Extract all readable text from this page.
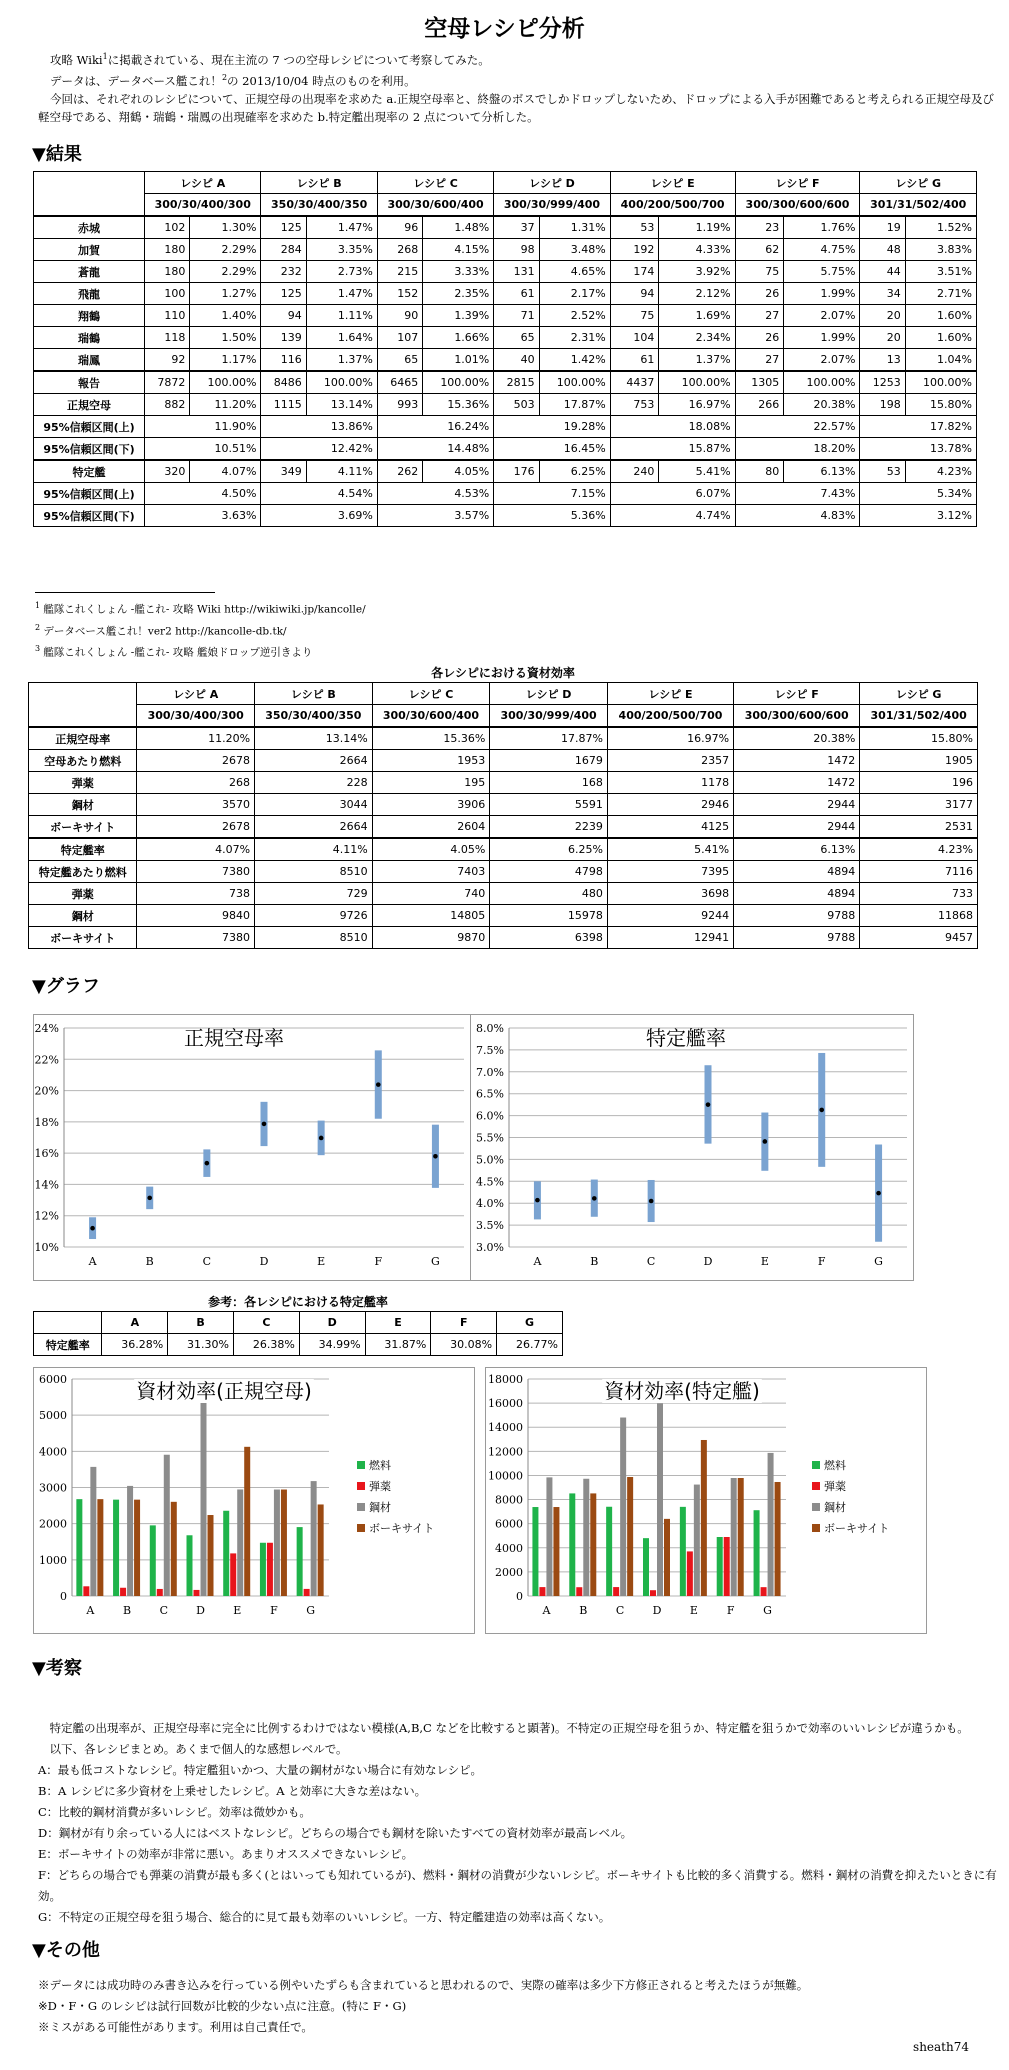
空母レシピ分析

攻略 Wiki$^1$に掲載されている、現在主流の 7 つの空母レシピについて考察してみた。

データは、データベース艦これ！$^2$の 2013/10/04 時点のものを利用。

今回は、それぞれのレシピについて、正規空母の出現率を求めた a.正規空母率と、終盤のボスでしかドロップしないため、ドロップによる入手が困難であると考えられる正規空母及び軽空母である、翔鶴・瑞鶴・瑞鳳の出現確率を求めた b.特定艦出現率の 2 点について分析した。

▼結果
	レシピ A		レシピ B		レシピ C		レシピ D		レシピ E		レシピ F		レシピ G	
	300/30/400/300		350/30/400/350		300/30/600/400		300/30/999/400		400/200/500/700		300/300/600/600		301/31/502/400	
赤城	102	1.30%	125	1.47%	96	1.48%	37	1.31%	53	1.19%	23	1.76%	19	1.52%
加賀	180	2.29%	284	3.35%	268	4.15%	98	3.48%	192	4.33%	62	4.75%	48	3.83%
蒼龍	180	2.29%	232	2.73%	215	3.33%	131	4.65%	174	3.92%	75	5.75%	44	3.51%
飛龍	100	1.27%	125	1.47%	152	2.35%	61	2.17%	94	2.12%	26	1.99%	34	2.71%
翔鶴	110	1.40%	94	1.11%	90	1.39%	71	2.52%	75	1.69%	27	2.07%	20	1.60%
瑞鶴	118	1.50%	139	1.64%	107	1.66%	65	2.31%	104	2.34%	26	1.99%	20	1.60%
瑞鳳	92	1.17%	116	1.37%	65	1.01%	40	1.42%	61	1.37%	27	2.07%	13	1.04%
報告	7872	100.00%	8486	100.00%	6465	100.00%	2815	100.00%	4437	100.00%	1305	100.00%	1253	100.00%
正規空母	882	11.20%	1115	13.14%	993	15.36%	503	17.87%	753	16.97%	266	20.38%	198	15.80%
95%信頼区間(上)	11.90%		13.86%		16.24%		19.28%		18.08%		22.57%		17.82%	
95%信頼区間(下)	10.51%		12.42%		14.48%		16.45%		15.87%		18.20%		13.78%	
特定艦	320	4.07%	349	4.11%	262	4.05%	176	6.25%	240	5.41%	80	6.13%	53	4.23%
95%信頼区間(上)	4.50%		4.54%		4.53%		7.15%		6.07%		7.43%		5.34%	
95%信頼区間(下)	3.63%		3.69%		3.57%		5.36%		4.74%		4.83%		3.12%	
$^1$ 艦隊これくしょん -艦これ- 攻略 Wiki http://wikiwiki.jp/kancolle/
$^2$ データベース艦これ！ver2 http://kancolle-db.tk/
$^3$ 艦隊これくしょん -艦これ- 攻略 艦娘ドロップ逆引きより
各レシピにおける資材効率
	レシピ A	レシピ B	レシピ C	レシピ D	レシピ E	レシピ F	レシピ G
	300/30/400/300	350/30/400/350	300/30/600/400	300/30/999/400	400/200/500/700	300/300/600/600	301/31/502/400
正規空母率	11.20%	13.14%	15.36%	17.87%	16.97%	20.38%	15.80%
空母あたり燃料	2678	2664	1953	1679	2357	1472	1905
弾薬	268	228	195	168	1178	1472	196
鋼材	3570	3044	3906	5591	2946	2944	3177
ボーキサイト	2678	2664	2604	2239	4125	2944	2531
特定艦率	4.07%	4.11%	4.05%	6.25%	5.41%	6.13%	4.23%
特定艦あたり燃料	7380	8510	7403	4798	7395	4894	7116
弾薬	738	729	740	480	3698	4894	733
鋼材	9840	9726	14805	15978	9244	9788	11868
ボーキサイト	7380	8510	9870	6398	12941	9788	9457
▼グラフ
10%
12%
14%
16%
18%
20%
22%
24%	正規空母率
A	B	C	D	E	F	G
3.0%
3.5%
4.0%
4.5%
5.0%
5.5%
6.0%
6.5%
7.0%
7.5%
8.0%	特定艦率
A	B	C	D	E	F	G
参考：各レシピにおける特定艦率
	A	B	C	D	E	F	G
特定艦率	36.28%	31.30%	26.38%	34.99%	31.87%	30.08%	26.77%
0
1000
2000
3000
4000
5000
6000
A	B	C	D	E	F	G
資材効率(正規空母)
燃料
弾薬
鋼材
ボーキサイト
0
2000
4000
6000
8000
10000
12000
14000
16000
18000
A	B	C	D	E	F	G
資材効率(特定艦)
燃料
弾薬
鋼材
ボーキサイト
▼考察

　特定艦の出現率が、正規空母率に完全に比例するわけではない模様(A,B,C などを比較すると顕著)。不特定の正規空母を狙うか、特定艦を狙うかで効率のいいレシピが違うかも。

　以下、各レシピまとめ。あくまで個人的な感想レベルで。

A：最も低コストなレシピ。特定艦狙いかつ、大量の鋼材がない場合に有効なレシピ。

B：A レシピに多少資材を上乗せしたレシピ。A と効率に大きな差はない。

C：比較的鋼材消費が多いレシピ。効率は微妙かも。

D：鋼材が有り余っている人にはベストなレシピ。どちらの場合でも鋼材を除いたすべての資材効率が最高レベル。

E：ボーキサイトの効率が非常に悪い。あまりオススメできないレシピ。

F：どちらの場合でも弾薬の消費が最も多く(とはいっても知れているが)、燃料・鋼材の消費が少ないレシピ。ボーキサイトも比較的多く消費する。燃料・鋼材の消費を抑えたいときに有効。

G：不特定の正規空母を狙う場合、総合的に見て最も効率のいいレシピ。一方、特定艦建造の効率は高くない。

▼その他

※データには成功時のみ書き込みを行っている例やいたずらも含まれていると思われるので、実際の確率は多少下方修正されると考えたほうが無難。

※D・F・G のレシピは試行回数が比較的少ない点に注意。(特に F・G)

※ミスがある可能性があります。利用は自己責任で。

sheath74
